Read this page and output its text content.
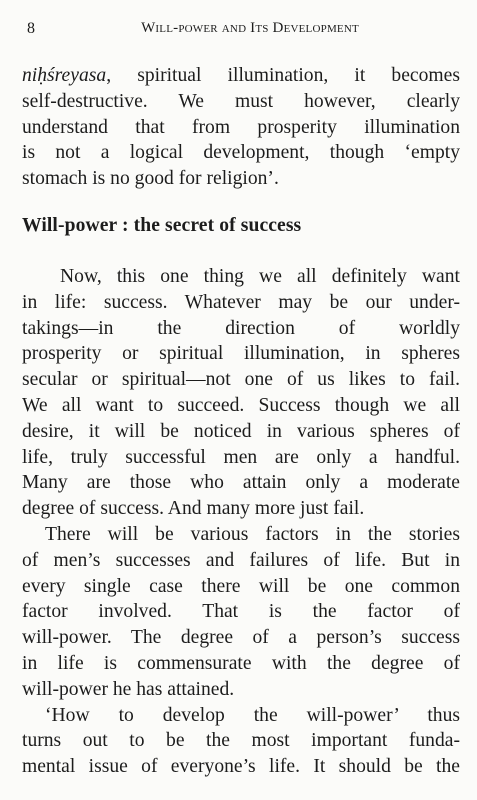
8	Will-power and Its Development
niḥśreyasa, spiritual illumination, it becomes
self-destructive. We must however, clearly
understand that from prosperity illumination
is not a logical development, though ‘empty
stomach is no good for religion’.
Will-power : the secret of success
Now, this one thing we all definitely want
in life: success. Whatever may be our under-
takings—in the direction of worldly
prosperity or spiritual illumination, in spheres
secular or spiritual—not one of us likes to fail.
We all want to succeed. Success though we all
desire, it will be noticed in various spheres of
life, truly successful men are only a handful.
Many are those who attain only a moderate
degree of success. And many more just fail.
There will be various factors in the stories
of men’s successes and failures of life. But in
every single case there will be one common
factor involved. That is the factor of
will-power. The degree of a person’s success
in life is commensurate with the degree of
will-power he has attained.
‘How to develop the will-power’ thus
turns out to be the most important funda-
mental issue of everyone’s life. It should be the
